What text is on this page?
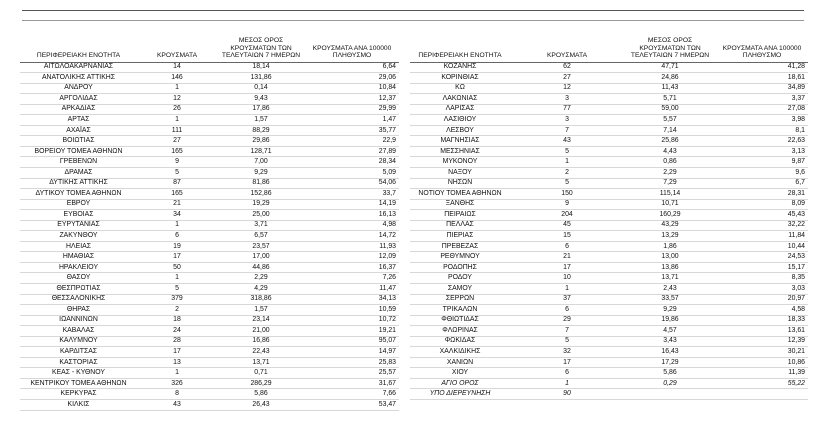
ΠΕΡΙΦΕΡΕΙΑΚΗ ΕΝΟΤΗΤΑ	ΚΡΟΥΣΜΑΤΑ	ΜΕΣΟΣ ΟΡΟΣ ΚΡΟΥΣΜΑΤΩΝ ΤΩΝ ΤΕΛΕΥΤΑΙΩΝ 7 ΗΜΕΡΩΝ	ΚΡΟΥΣΜΑΤΑ ΑΝΑ 100000 ΠΛΗΘΥΣΜΟ
ΑΙΤΩΛΟΑΚΑΡΝΑΝΙΑΣ	14	18,14	6,64
ΑΝΑΤΟΛΙΚΗΣ ΑΤΤΙΚΗΣ	146	131,86	29,06
ΑΝΔΡΟΥ	1	0,14	10,84
ΑΡΓΟΛΙΔΑΣ	12	9,43	12,37
ΑΡΚΑΔΙΑΣ	26	17,86	29,99
ΑΡΤΑΣ	1	1,57	1,47
ΑΧΑΪΑΣ	111	88,29	35,77
ΒΟΙΩΤΙΑΣ	27	29,86	22,9
ΒΟΡΕΙΟΥ ΤΟΜΕΑ ΑΘΗΝΩΝ	165	128,71	27,89
ΓΡΕΒΕΝΩΝ	9	7,00	28,34
ΔΡΑΜΑΣ	5	9,29	5,09
ΔΥΤΙΚΗΣ ΑΤΤΙΚΗΣ	87	81,86	54,06
ΔΥΤΙΚΟΥ ΤΟΜΕΑ ΑΘΗΝΩΝ	165	152,86	33,7
ΕΒΡΟΥ	21	19,29	14,19
ΕΥΒΟΙΑΣ	34	25,00	16,13
ΕΥΡΥΤΑΝΙΑΣ	1	3,71	4,98
ΖΑΚΥΝΘΟΥ	6	6,57	14,72
ΗΛΕΙΑΣ	19	23,57	11,93
ΗΜΑΘΙΑΣ	17	17,00	12,09
ΗΡΑΚΛΕΙΟΥ	50	44,86	16,37
ΘΑΣΟΥ	1	2,29	7,26
ΘΕΣΠΡΩΤΙΑΣ	5	4,29	11,47
ΘΕΣΣΑΛΟΝΙΚΗΣ	379	318,86	34,13
ΘΗΡΑΣ	2	1,57	10,59
ΙΩΑΝΝΙΝΩΝ	18	23,14	10,72
ΚΑΒΑΛΑΣ	24	21,00	19,21
ΚΑΛΥΜΝΟΥ	28	16,86	95,07
ΚΑΡΔΙΤΣΑΣ	17	22,43	14,97
ΚΑΣΤΟΡΙΑΣ	13	13,71	25,83
ΚΕΑΣ - ΚΥΘΝΟΥ	1	0,71	25,57
ΚΕΝΤΡΙΚΟΥ ΤΟΜΕΑ ΑΘΗΝΩΝ	326	286,29	31,67
ΚΕΡΚΥΡΑΣ	8	5,86	7,66
ΚΙΛΚΙΣ	43	26,43	53,47
ΠΕΡΙΦΕΡΕΙΑΚΗ ΕΝΟΤΗΤΑ	ΚΡΟΥΣΜΑΤΑ	ΜΕΣΟΣ ΟΡΟΣ ΚΡΟΥΣΜΑΤΩΝ ΤΩΝ ΤΕΛΕΥΤΑΙΩΝ 7 ΗΜΕΡΩΝ	ΚΡΟΥΣΜΑΤΑ ΑΝΑ 100000 ΠΛΗΘΥΣΜΟ
ΚΟΖΑΝΗΣ	62	47,71	41,28
ΚΟΡΙΝΘΙΑΣ	27	24,86	18,61
ΚΩ	12	11,43	34,89
ΛΑΚΩΝΙΑΣ	3	5,71	3,37
ΛΑΡΙΣΑΣ	77	59,00	27,08
ΛΑΣΙΘΙΟΥ	3	5,57	3,98
ΛΕΣΒΟΥ	7	7,14	8,1
ΜΑΓΝΗΣΙΑΣ	43	25,86	22,63
ΜΕΣΣΗΝΙΑΣ	5	4,43	3,13
ΜΥΚΟΝΟΥ	1	0,86	9,87
ΝΑΞΟΥ	2	2,29	9,6
ΝΗΣΩΝ	5	7,29	6,7
ΝΟΤΙΟΥ ΤΟΜΕΑ ΑΘΗΝΩΝ	150	115,14	28,31
ΞΑΝΘΗΣ	9	10,71	8,09
ΠΕΙΡΑΙΩΣ	204	160,29	45,43
ΠΕΛΛΑΣ	45	43,29	32,22
ΠΙΕΡΙΑΣ	15	13,29	11,84
ΠΡΕΒΕΖΑΣ	6	1,86	10,44
ΡΕΘΥΜΝΟΥ	21	13,00	24,53
ΡΟΔΟΠΗΣ	17	13,86	15,17
ΡΟΔΟΥ	10	13,71	8,35
ΣΑΜΟΥ	1	2,43	3,03
ΣΕΡΡΩΝ	37	33,57	20,97
ΤΡΙΚΑΛΩΝ	6	9,29	4,58
ΦΘΙΩΤΙΔΑΣ	29	19,86	18,33
ΦΛΩΡΙΝΑΣ	7	4,57	13,61
ΦΩΚΙΔΑΣ	5	3,43	12,39
ΧΑΛΚΙΔΙΚΗΣ	32	16,43	30,21
ΧΑΝΙΩΝ	17	17,29	10,86
ΧΙΟΥ	6	5,86	11,39
ΑΓΙΟ ΟΡΟΣ	1	0,29	55,22
ΥΠΟ ΔΙΕΡΕΥΝΗΣΗ	90		
